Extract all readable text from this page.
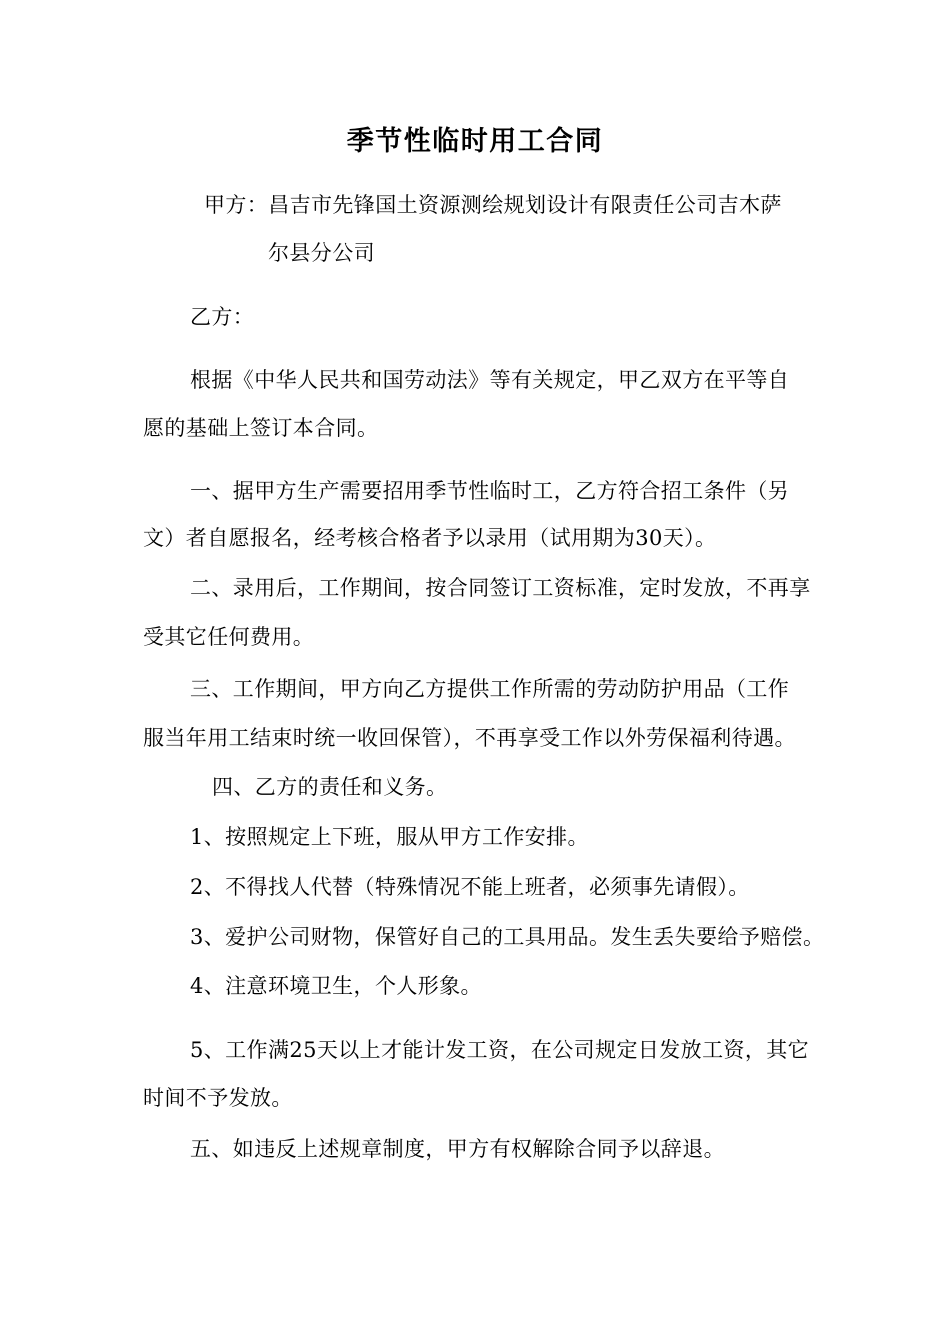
季节性临时用工合同
甲方：昌吉市先锋国土资源测绘规划设计有限责任公司吉木萨
尔县分公司
乙方：
根据《中华人民共和国劳动法》等有关规定，甲乙双方在平等自
愿的基础上签订本合同。
一、据甲方生产需要招用季节性临时工，乙方符合招工条件（另
文）者自愿报名，经考核合格者予以录用（试用期为30天）。
二、录用后，工作期间，按合同签订工资标准，定时发放，不再享
受其它任何费用。
三、工作期间，甲方向乙方提供工作所需的劳动防护用品（工作
服当年用工结束时统一收回保管），不再享受工作以外劳保福利待遇。
四、乙方的责任和义务。
1、按照规定上下班，服从甲方工作安排。
2、不得找人代替（特殊情况不能上班者，必须事先请假）。
3、爱护公司财物，保管好自己的工具用品。发生丢失要给予赔偿。
4、注意环境卫生，个人形象。
5、工作满25天以上才能计发工资，在公司规定日发放工资，其它
时间不予发放。
五、如违反上述规章制度，甲方有权解除合同予以辞退。
